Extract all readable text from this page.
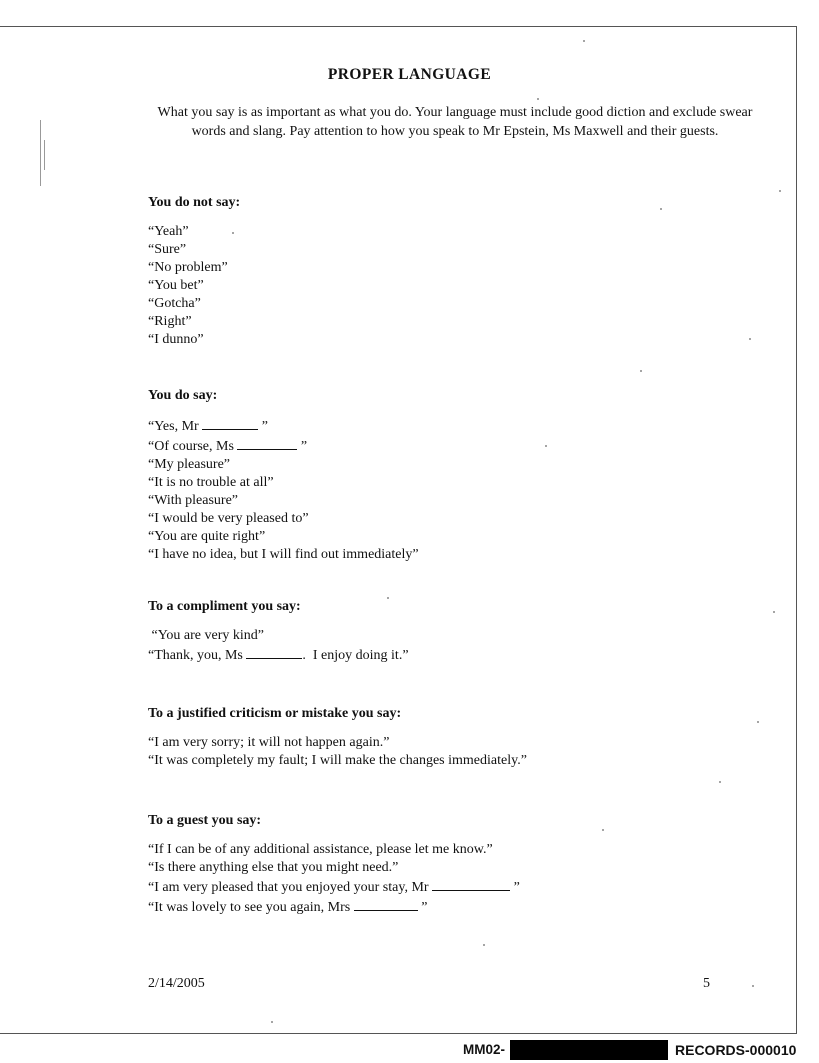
PROPER LANGUAGE

What you say is as important as what you do. Your language must include good diction and exclude swear words and slang. Pay attention to how you speak to Mr Epstein, Ms Maxwell and their guests.

You do not say:

“Yeah”
“Sure”
“No problem”
“You bet”
“Gotcha”
“Right”
“I dunno”

You do say:

“Yes, Mr	”
“Of course, Ms	”
“My pleasure”
“It is no trouble at all”
“With pleasure”
“I would be very pleased to”
“You are quite right”
“I have no idea, but I will find out immediately”

To a compliment you say:

“You are very kind”
“Thank, you, Ms	.  I enjoy doing it.”

To a justified criticism or mistake you say:

“I am very sorry; it will not happen again.”
“It was completely my fault; I will make the changes immediately.”

To a guest you say:

“If I can be of any additional assistance, please let me know.”
“Is there anything else that you might need.”
“I am very pleased that you enjoyed your stay, Mr	”
“It was lovely to see you again, Mrs	”
2/14/2005	5
MM02-	RECORDS-000010
